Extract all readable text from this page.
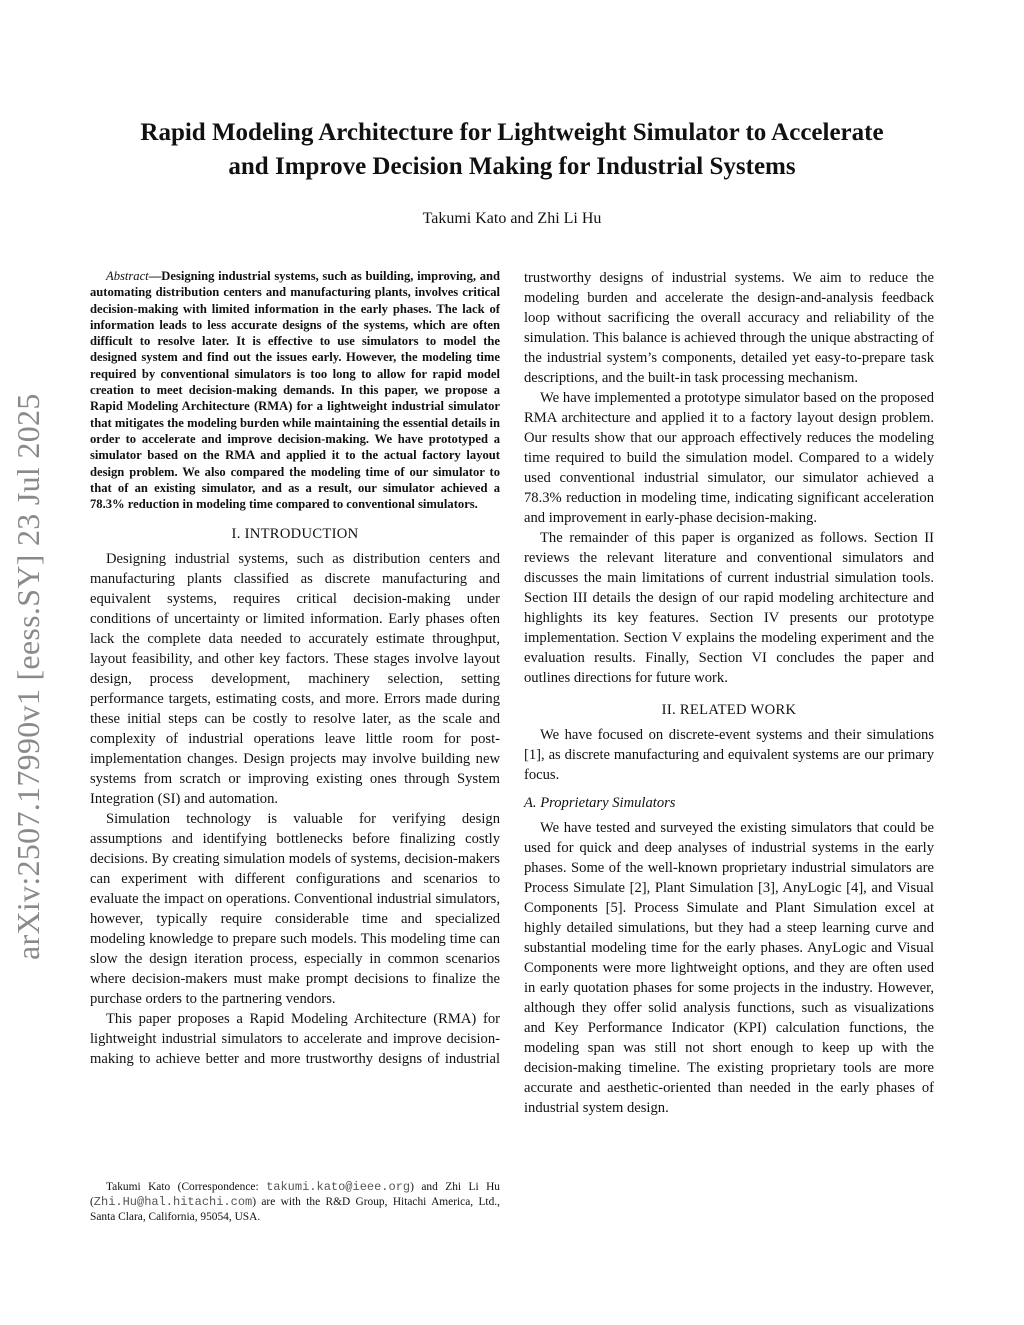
arXiv:2507.17990v1 [eess.SY] 23 Jul 2025
Rapid Modeling Architecture for Lightweight Simulator to Accelerate
and Improve Decision Making for Industrial Systems
Takumi Kato and Zhi Li Hu

Abstract—Designing industrial systems, such as building, improving, and automating distribution centers and manufacturing plants, involves critical decision-making with limited information in the early phases. The lack of information leads to less accurate designs of the systems, which are often difficult to resolve later. It is effective to use simulators to model the designed system and find out the issues early. However, the modeling time required by conventional simulators is too long to allow for rapid model creation to meet decision-making demands. In this paper, we propose a Rapid Modeling Architecture (RMA) for a lightweight industrial simulator that mitigates the modeling burden while maintaining the essential details in order to accelerate and improve decision-making. We have prototyped a simulator based on the RMA and applied it to the actual factory layout design problem. We also compared the modeling time of our simulator to that of an existing simulator, and as a result, our simulator achieved a 78.3% reduction in modeling time compared to conventional simulators.

I. INTRODUCTION

Designing industrial systems, such as distribution centers and manufacturing plants classified as discrete manufacturing and equivalent systems, requires critical decision-making under conditions of uncertainty or limited information. Early phases often lack the complete data needed to accurately estimate throughput, layout feasibility, and other key factors. These stages involve layout design, process development, machinery selection, setting performance targets, estimating costs, and more. Errors made during these initial steps can be costly to resolve later, as the scale and complexity of industrial operations leave little room for post-implementation changes. Design projects may involve building new systems from scratch or improving existing ones through System Integration (SI) and automation.

Simulation technology is valuable for verifying design assumptions and identifying bottlenecks before finalizing costly decisions. By creating simulation models of systems, decision-makers can experiment with different configurations and scenarios to evaluate the impact on operations. Conventional industrial simulators, however, typically require considerable time and specialized modeling knowledge to prepare such models. This modeling time can slow the design iteration process, especially in common scenarios where decision-makers must make prompt decisions to finalize the purchase orders to the partnering vendors.

This paper proposes a Rapid Modeling Architecture (RMA) for lightweight industrial simulators to accelerate and improve decision-making to achieve better and more trustworthy designs of industrial

Takumi Kato (Correspondence: takumi.kato@ieee.org) and Zhi Li Hu (Zhi.Hu@hal.hitachi.com) are with the R&D Group, Hitachi America, Ltd., Santa Clara, California, 95054, USA.

trustworthy designs of industrial systems. We aim to reduce the modeling burden and accelerate the design-and-analysis feedback loop without sacrificing the overall accuracy and reliability of the simulation. This balance is achieved through the unique abstracting of the industrial system’s components, detailed yet easy-to-prepare task descriptions, and the built-in task processing mechanism.

We have implemented a prototype simulator based on the proposed RMA architecture and applied it to a factory layout design problem. Our results show that our approach effectively reduces the modeling time required to build the simulation model. Compared to a widely used conventional industrial simulator, our simulator achieved a 78.3% reduction in modeling time, indicating significant acceleration and improvement in early-phase decision-making.

The remainder of this paper is organized as follows. Section II reviews the relevant literature and conventional simulators and discusses the main limitations of current industrial simulation tools. Section III details the design of our rapid modeling architecture and highlights its key features. Section IV presents our prototype implementation. Section V explains the modeling experiment and the evaluation results. Finally, Section VI concludes the paper and outlines directions for future work.

II. RELATED WORK

We have focused on discrete-event systems and their simulations [1], as discrete manufacturing and equivalent systems are our primary focus.

A. Proprietary Simulators

We have tested and surveyed the existing simulators that could be used for quick and deep analyses of industrial systems in the early phases. Some of the well-known proprietary industrial simulators are Process Simulate [2], Plant Simulation [3], AnyLogic [4], and Visual Components [5]. Process Simulate and Plant Simulation excel at highly detailed simulations, but they had a steep learning curve and substantial modeling time for the early phases. AnyLogic and Visual Components were more lightweight options, and they are often used in early quotation phases for some projects in the industry. However, although they offer solid analysis functions, such as visualizations and Key Performance Indicator (KPI) calculation functions, the modeling span was still not short enough to keep up with the decision-making timeline. The existing proprietary tools are more accurate and aesthetic-oriented than needed in the early phases of industrial system design.
